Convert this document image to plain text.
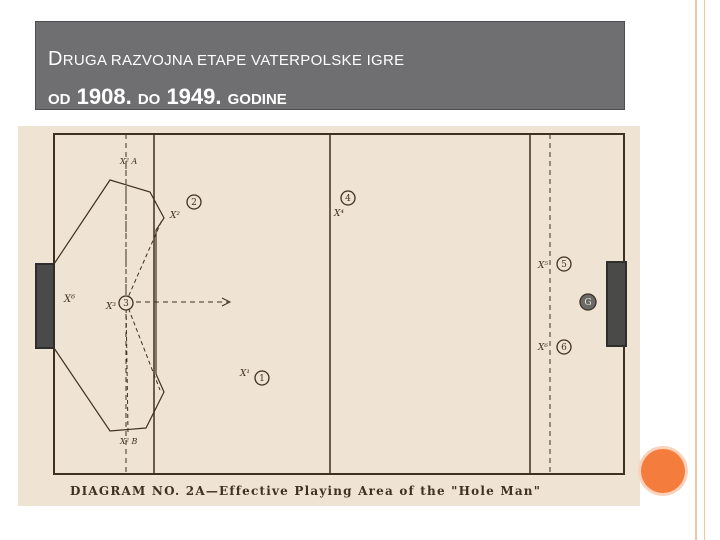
DRUGA RAZVOJNA ETAPE VATERPOLSKE IGRE
OD 1908. DO 1949. GODINE
2	4
3
1
5
6
G
X² A
X² B
X⁶
X³
X²	X⁴
X⁵
X⁶
X¹
DIAGRAM NO. 2A—Effective Playing Area of the "Hole Man"
